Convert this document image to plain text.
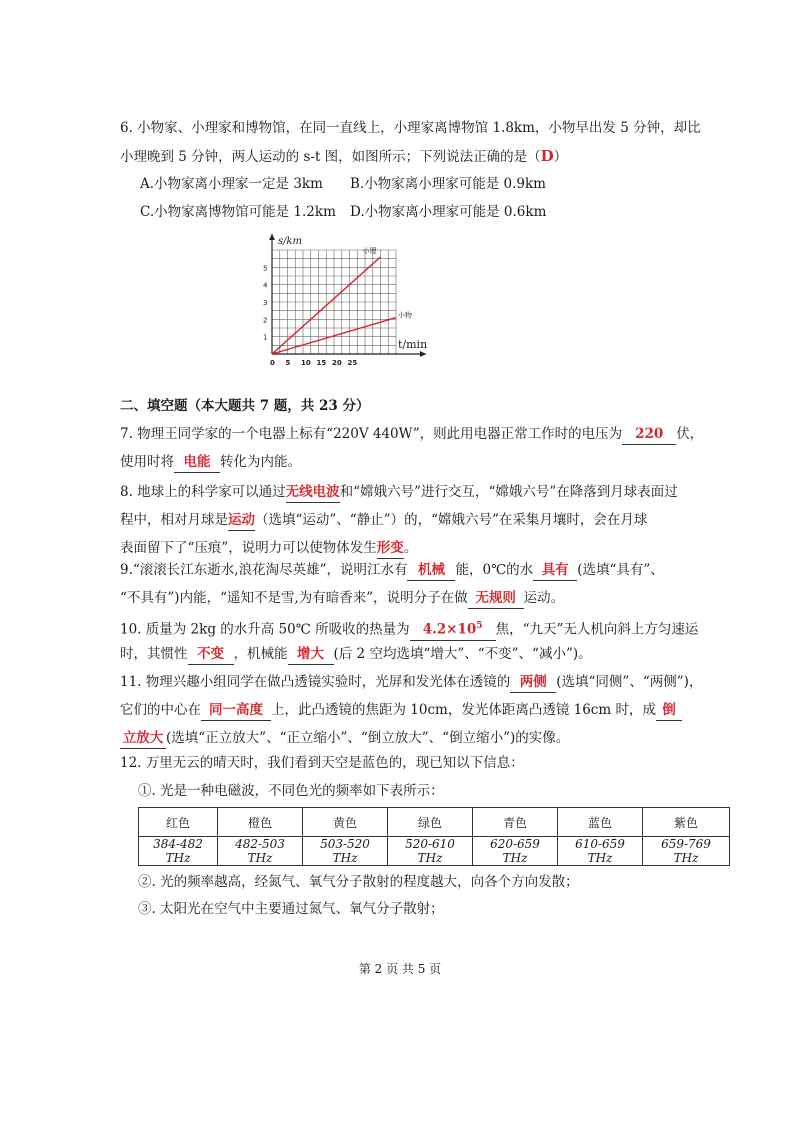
6. 小物家、小理家和博物馆，在同一直线上，小理家离博物馆 1.8km，小物早出发 5 分钟，却比
小理晚到 5 分钟，两人运动的 s-t 图，如图所示；下列说法正确的是（D）
A.小物家离小理家一定是 3km B.小物家离小理家可能是 0.9km
C.小物家离博物馆可能是 1.2km D.小物家离小理家可能是 0.6km
0 5 10 15 20 25
1
2
3
4
5
s/km
t/min
小理
小物
二、填空题（本大题共 7 题，共 23 分）
7. 物理王同学家的一个电器上标有“220V 440W”，则此用电器正常工作时的电压为 220 伏，
使用时将 电能 转化为内能。
8. 地球上的科学家可以通过无线电波和“嫦娥六号”进行交互，“嫦娥六号”在降落到月球表面过
程中，相对月球是运动（选填“运动”、“静止”）的，“嫦娥六号”在采集月壤时，会在月球
表面留下了“压痕”，说明力可以使物体发生形变。
9.“滚滚长江东逝水,浪花淘尽英雄”，说明江水有 机械 能，0℃的水 具有 (选填“具有”、
“不具有”)内能，“遥知不是雪,为有暗香来”，说明分子在做 无规则 运动。
10. 质量为 2kg 的水升高 50℃ 所吸收的热量为 $4.2\times 10^5$ 焦，“九天”无人机向斜上方匀速运
时，其惯性 不变 ，机械能 增大 (后 2 空均选填“增大”、“不变”、“减小”)。
11. 物理兴趣小组同学在做凸透镜实验时，光屏和发光体在透镜的 两侧 (选填“同侧”、“两侧”)，
它们的中心在 同一高度 上，此凸透镜的焦距为 10cm，发光体距离凸透镜 16cm 时，成 倒
立放大 (选填“正立放大”、“正立缩小”、“倒立放大”、“倒立缩小”)的实像。
12. 万里无云的晴天时，我们看到天空是蓝色的，现已知以下信息：
①. 光是一种电磁波，不同色光的频率如下表所示：
红色	橙色	黄色	绿色	青色	蓝色	紫色
384-482 THz	482-503 THz	503-520 THz	520-610 THz	620-659 THz	610-659 THz	659-769 THz
②. 光的频率越高，经氮气、氧气分子散射的程度越大，向各个方向发散；
③. 太阳光在空气中主要通过氮气、氧气分子散射；
第 2 页 共 5 页
